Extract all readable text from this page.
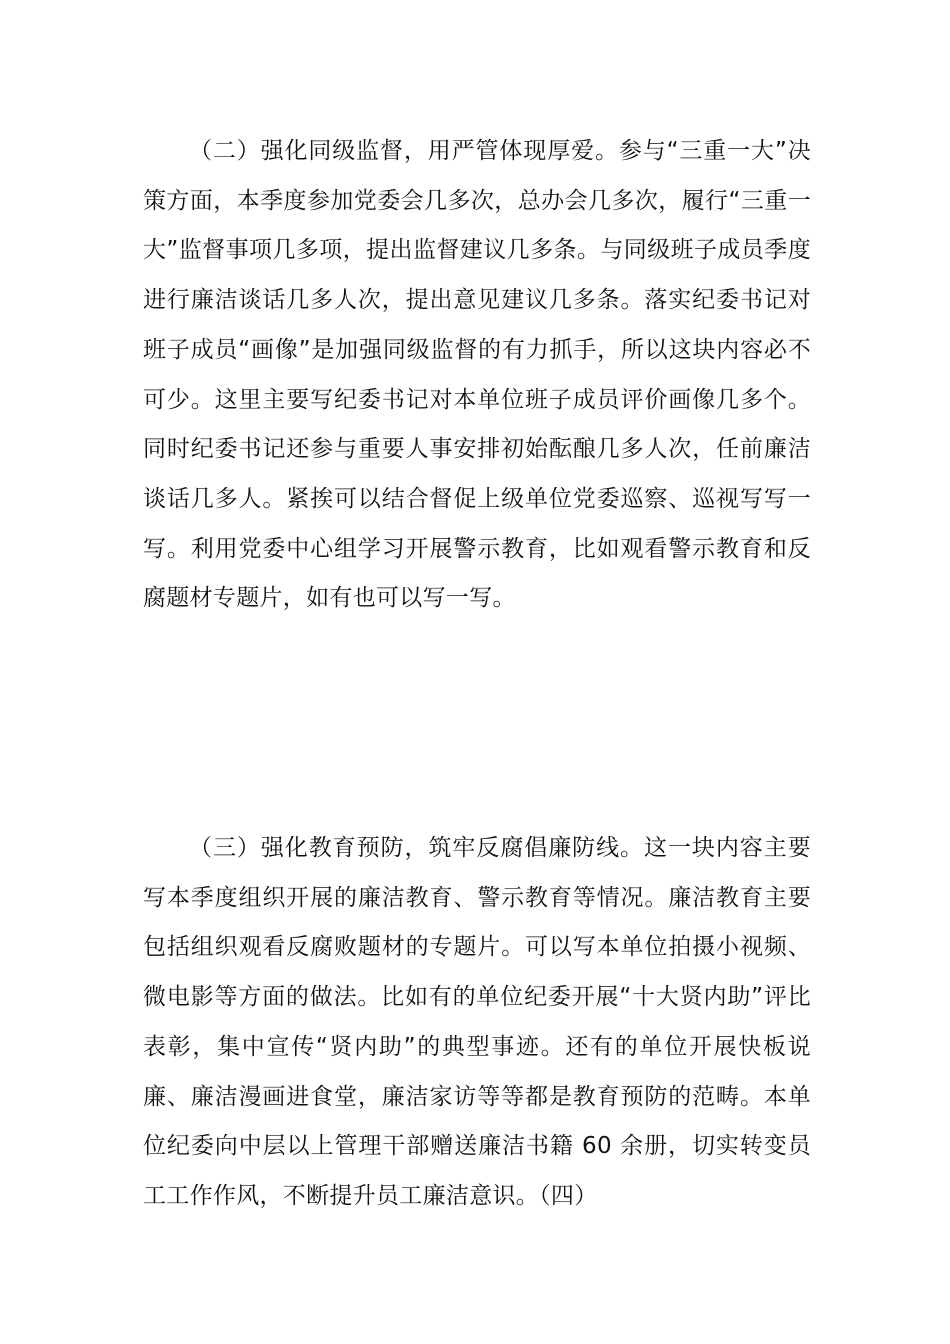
（二）强化同级监督，用严管体现厚爱。参与“三重一大”决策方面，本季度参加党委会几多次，总办会几多次，履行“三重一大”监督事项几多项，提出监督建议几多条。与同级班子成员季度进行廉洁谈话几多人次，提出意见建议几多条。落实纪委书记对班子成员“画像”是加强同级监督的有力抓手，所以这块内容必不可少。这里主要写纪委书记对本单位班子成员评价画像几多个。同时纪委书记还参与重要人事安排初始酝酿几多人次，任前廉洁谈话几多人。紧挨可以结合督促上级单位党委巡察、巡视写写一写。利用党委中心组学习开展警示教育，比如观看警示教育和反腐题材专题片，如有也可以写一写。

（三）强化教育预防，筑牢反腐倡廉防线。这一块内容主要写本季度组织开展的廉洁教育、警示教育等情况。廉洁教育主要包括组织观看反腐败题材的专题片。可以写本单位拍摄小视频、微电影等方面的做法。比如有的单位纪委开展“十大贤内助”评比表彰，集中宣传“贤内助”的典型事迹。还有的单位开展快板说廉、廉洁漫画进食堂，廉洁家访等等都是教育预防的范畴。本单位纪委向中层以上管理干部赠送廉洁书籍 60 余册，切实转变员工工作作风，不断提升员工廉洁意识。（四）
